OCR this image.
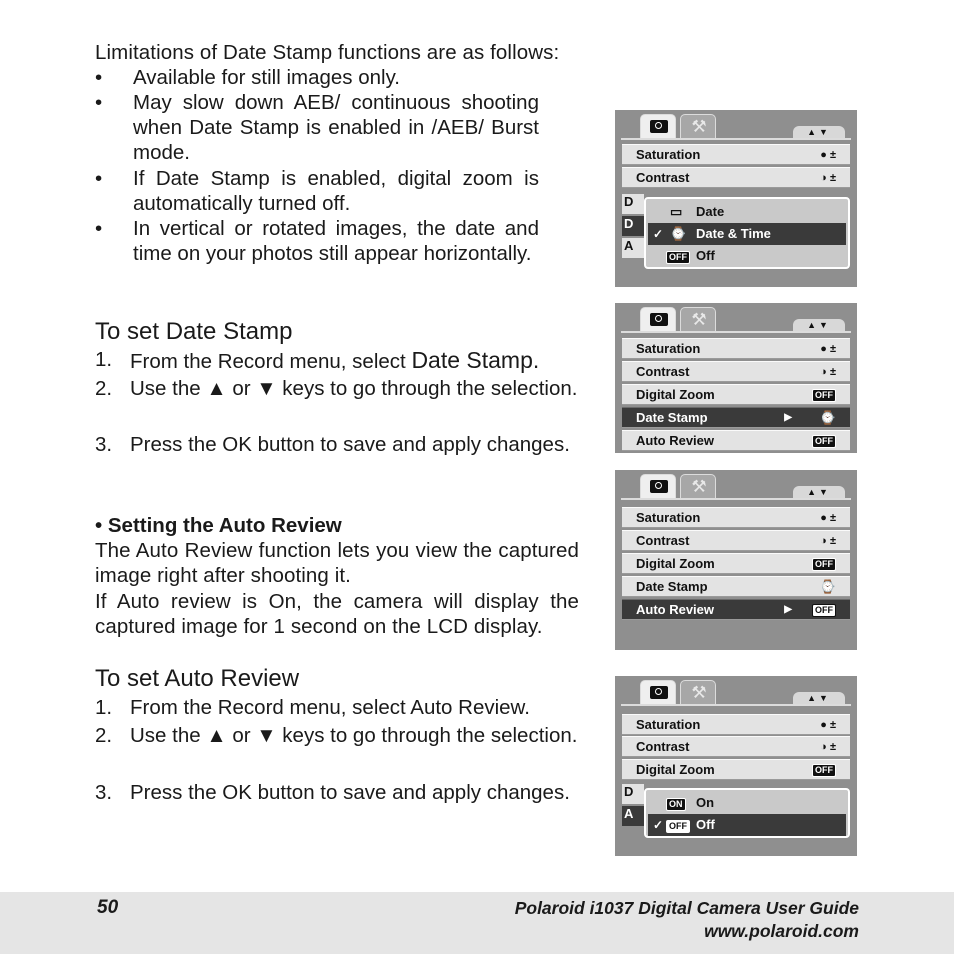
Limitations of Date Stamp functions are as follows:
• Available for still images only.
• May slow down AEB/ continuous shooting when Date Stamp is enabled in /AEB/ Burst mode.
• If Date Stamp is enabled, digital zoom is automatically turned off.
• In vertical or rotated images, the date and time on your photos still appear horizontally.
To set Date Stamp
1. From the Record menu, select Date Stamp.
2. Use the ▲ or ▼ keys to go through the selection.
3. Press the OK button to save and apply changes.
• Setting the Auto Review
The Auto Review function lets you view the captured image right after shooting it.
If Auto review is On, the camera will display the captured image for 1 second on the LCD display.
To set Auto Review
1. From the Record menu, select Auto Review.
2. Use the ▲ or ▼ keys to go through the selection.
3. Press the OK button to save and apply changes.
⚒	▲▼
Saturation	● ±
Contrast	◑ ±
D
D
A
▭ Date
✓ ⌚ Date & Time
OFF Off
⚒	▲▼
Saturation	● ±
Contrast	◑ ±
Digital Zoom	OFF
Date Stamp	▶ ⌚
Auto Review	OFF
⚒	▲▼
Saturation	● ±
Contrast	◑ ±
Digital Zoom	OFF
Date Stamp	⌚
Auto Review	▶	OFF
⚒	▲▼
Saturation	● ±
Contrast	◑ ±
Digital Zoom	OFF
D
A
ON On
✓ OFF Off
50	Polaroid i1037 Digital Camera User Guide
www.polaroid.com
